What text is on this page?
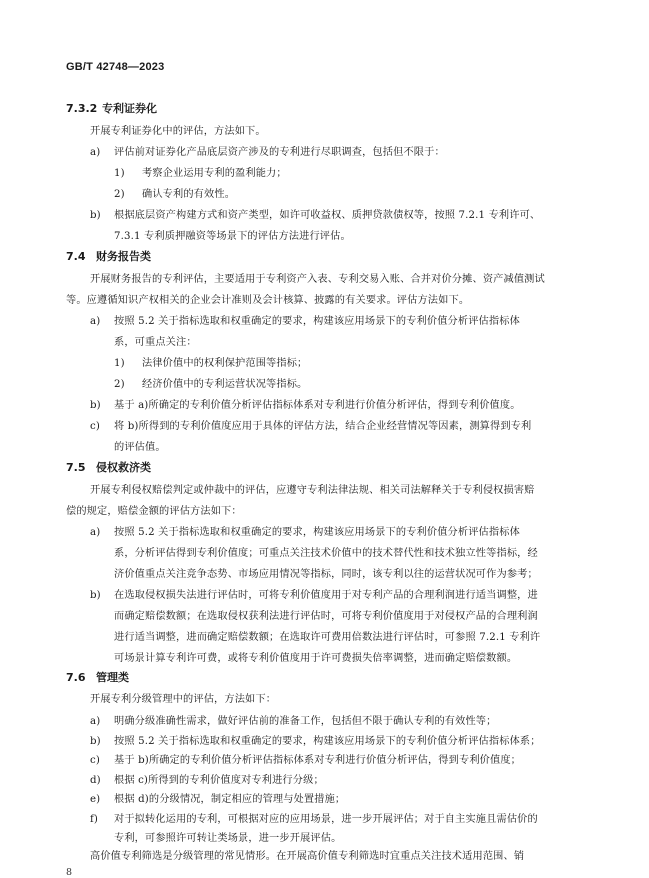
GB/T 42748—2023
7.3.2 专利证券化
开展专利证券化中的评估，方法如下。
a)	评估前对证券化产品底层资产涉及的专利进行尽职调查，包括但不限于：
1)	考察企业运用专利的盈利能力；
2)	确认专利的有效性。
b)	根据底层资产构建方式和资产类型，如许可收益权、质押贷款债权等，按照 7.2.1 专利许可、
7.3.1 专利质押融资等场景下的评估方法进行评估。
7.4 财务报告类
开展财务报告的专利评估，主要适用于专利资产入表、专利交易入账、合并对价分摊、资产减值测试
等。应遵循知识产权相关的企业会计准则及会计核算、披露的有关要求。评估方法如下。
a)	按照 5.2 关于指标选取和权重确定的要求，构建该应用场景下的专利价值分析评估指标体
系，可重点关注：
1)	法律价值中的权利保护范围等指标；
2)	经济价值中的专利运营状况等指标。
b)	基于 a)所确定的专利价值分析评估指标体系对专利进行价值分析评估，得到专利价值度。
c)	将 b)所得到的专利价值度应用于具体的评估方法，结合企业经营情况等因素，测算得到专利
的评估值。
7.5 侵权救济类
开展专利侵权赔偿判定或仲裁中的评估，应遵守专利法律法规、相关司法解释关于专利侵权损害赔
偿的规定，赔偿金额的评估方法如下：
a)	按照 5.2 关于指标选取和权重确定的要求，构建该应用场景下的专利价值分析评估指标体
系，分析评估得到专利价值度；可重点关注技术价值中的技术替代性和技术独立性等指标，经
济价值重点关注竞争态势、市场应用情况等指标，同时，该专利以往的运营状况可作为参考；
b)	在选取侵权损失法进行评估时，可将专利价值度用于对专利产品的合理利润进行适当调整，进
而确定赔偿数额；在选取侵权获利法进行评估时，可将专利价值度用于对侵权产品的合理利润
进行适当调整，进而确定赔偿数额；在选取许可费用倍数法进行评估时，可参照 7.2.1 专利许
可场景计算专利许可费，或将专利价值度用于许可费损失倍率调整，进而确定赔偿数额。
7.6 管理类
开展专利分级管理中的评估，方法如下：
a)	明确分级准确性需求，做好评估前的准备工作，包括但不限于确认专利的有效性等；
b)	按照 5.2 关于指标选取和权重确定的要求，构建该应用场景下的专利价值分析评估指标体系；
c)	基于 b)所确定的专利价值分析评估指标体系对专利进行价值分析评估，得到专利价值度；
d)	根据 c)所得到的专利价值度对专利进行分级；
e)	根据 d)的分级情况，制定相应的管理与处置措施；
f)	对于拟转化运用的专利，可根据对应的应用场景，进一步开展评估；对于自主实施且需估价的
专利，可参照许可转让类场景，进一步开展评估。
高价值专利筛选是分级管理的常见情形。在开展高价值专利筛选时宜重点关注技术适用范围、销
8
